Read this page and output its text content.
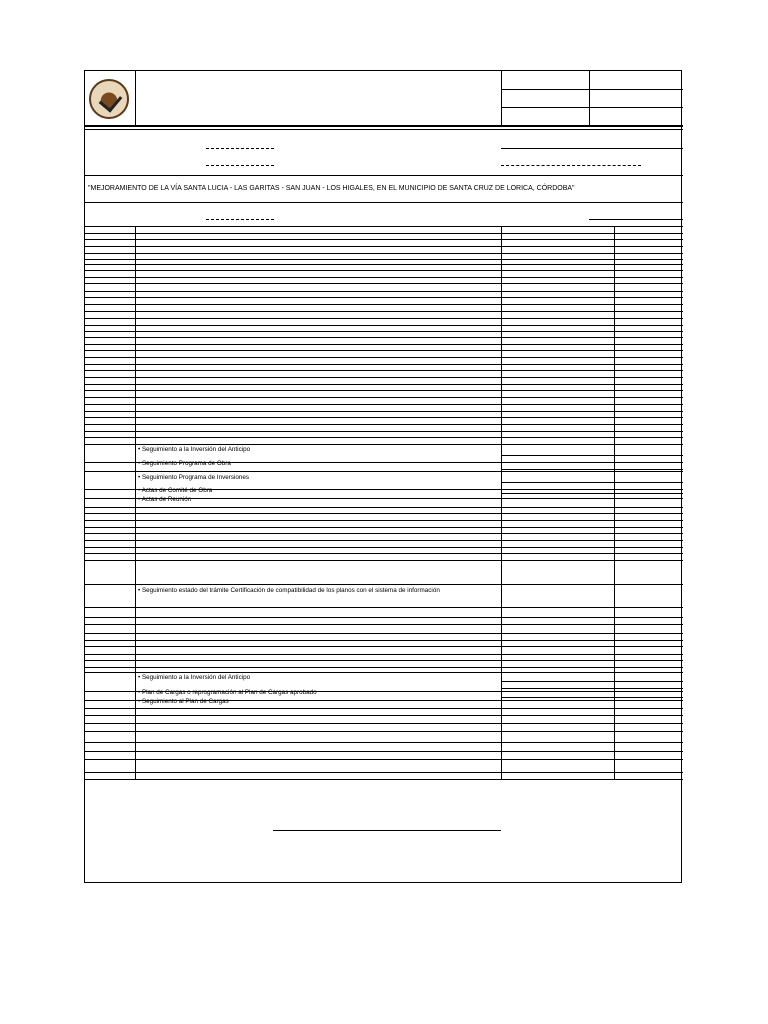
"MEJORAMIENTO DE LA VÍA SANTA LUCIA - LAS GARITAS - SAN JUAN - LOS HIGALES, EN EL MUNICIPIO DE SANTA CRUZ DE LORICA, CÓRDOBA"
• Seguimiento a la Inversión del Anticipo
• Seguimiento Programa de Obra
• Seguimiento Programa de Inversiones
• Actas de Comité de Obra
• Actas de Reunión
• Seguimiento estado del trámite Certificación de compatibilidad de los planos con el sistema de información
• Seguimiento a la Inversión del Anticipo
• Plan de Cargas o reprogramación al Plan de Cargas aprobado
• Seguimiento al Plan de Cargas
